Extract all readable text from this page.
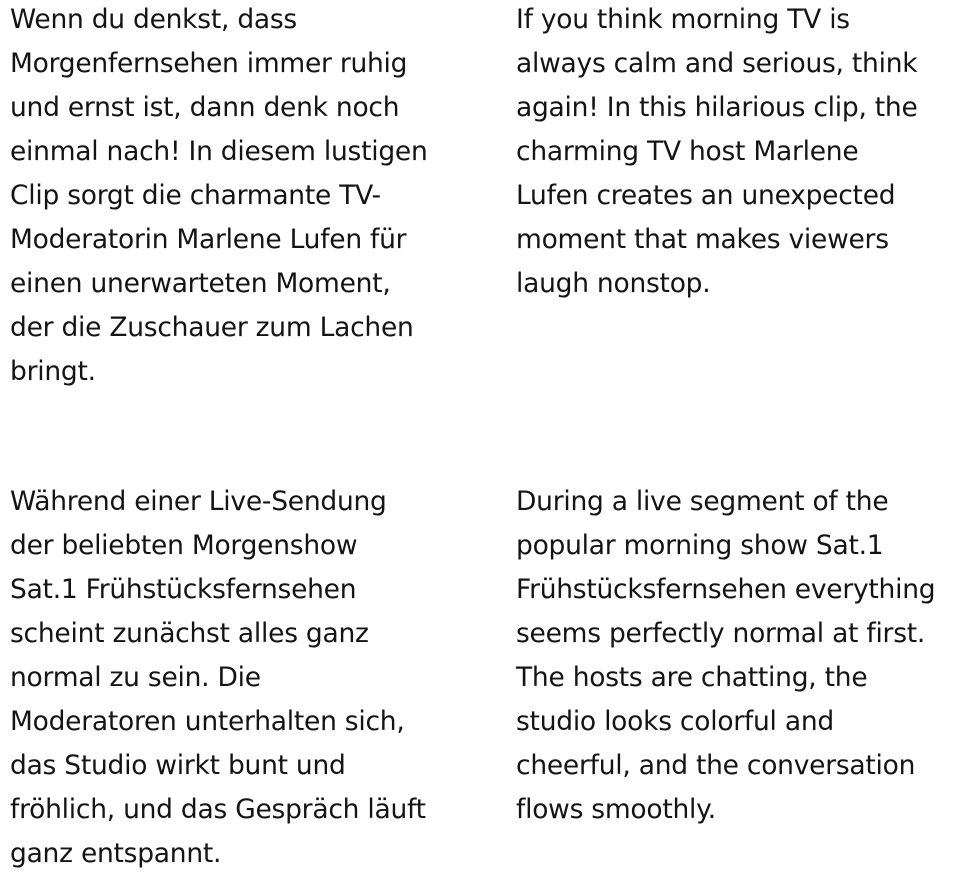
Wenn du denkst, dass
Morgenfernsehen immer ruhig
und ernst ist, dann denk noch
einmal nach! In diesem lustigen
Clip sorgt die charmante TV-
Moderatorin Marlene Lufen für
einen unerwarteten Moment,
der die Zuschauer zum Lachen
bringt.

If you think morning TV is
always calm and serious, think
again! In this hilarious clip, the
charming TV host Marlene
Lufen creates an unexpected
moment that makes viewers
laugh nonstop.

Während einer Live-Sendung
der beliebten Morgenshow
Sat.1 Frühstücksfernsehen
scheint zunächst alles ganz
normal zu sein. Die
Moderatoren unterhalten sich,
das Studio wirkt bunt und
fröhlich, und das Gespräch läuft
ganz entspannt.

During a live segment of the
popular morning show Sat.1
Frühstücksfernsehen everything
seems perfectly normal at first.
The hosts are chatting, the
studio looks colorful and
cheerful, and the conversation
flows smoothly.
